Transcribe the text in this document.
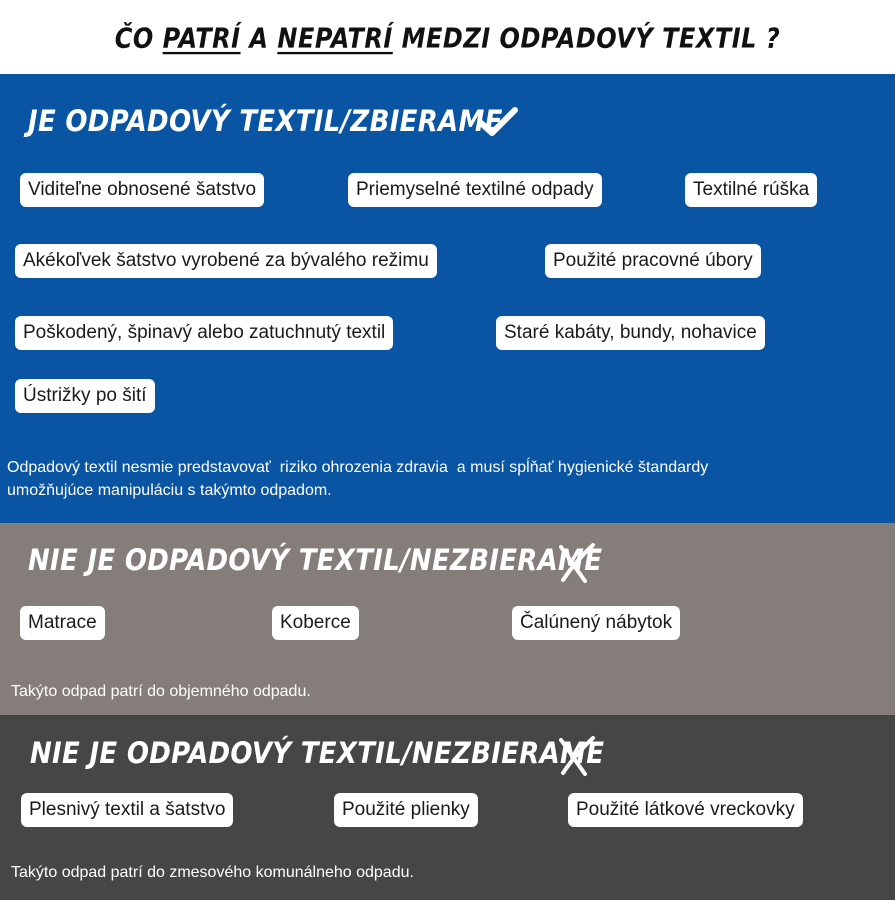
ČO PATRÍ A NEPATRÍ MEDZI ODPADOVÝ TEXTIL ?
JE ODPADOVÝ TEXTIL/ZBIERAME
Viditeľne obnosené šatstvo	Priemyselné textilné odpady	Textilné rúška
Akékoľvek šatstvo vyrobené za bývalého režimu	Použité pracovné úbory
Poškodený, špinavý alebo zatuchnutý textil	Staré kabáty, bundy, nohavice
Ústrižky po šití
Odpadový textil nesmie predstavovať  riziko ohrozenia zdravia  a musí spĺňať hygienické štandardy
umožňujúce manipuláciu s takýmto odpadom.
NIE JE ODPADOVÝ TEXTIL/NEZBIERAME
Matrace	Koberce	Čalúnený nábytok
Takýto odpad patrí do objemného odpadu.
NIE JE ODPADOVÝ TEXTIL/NEZBIERAME
Plesnivý textil a šatstvo	Použité plienky	Použité látkové vreckovky
Takýto odpad patrí do zmesového komunálneho odpadu.
